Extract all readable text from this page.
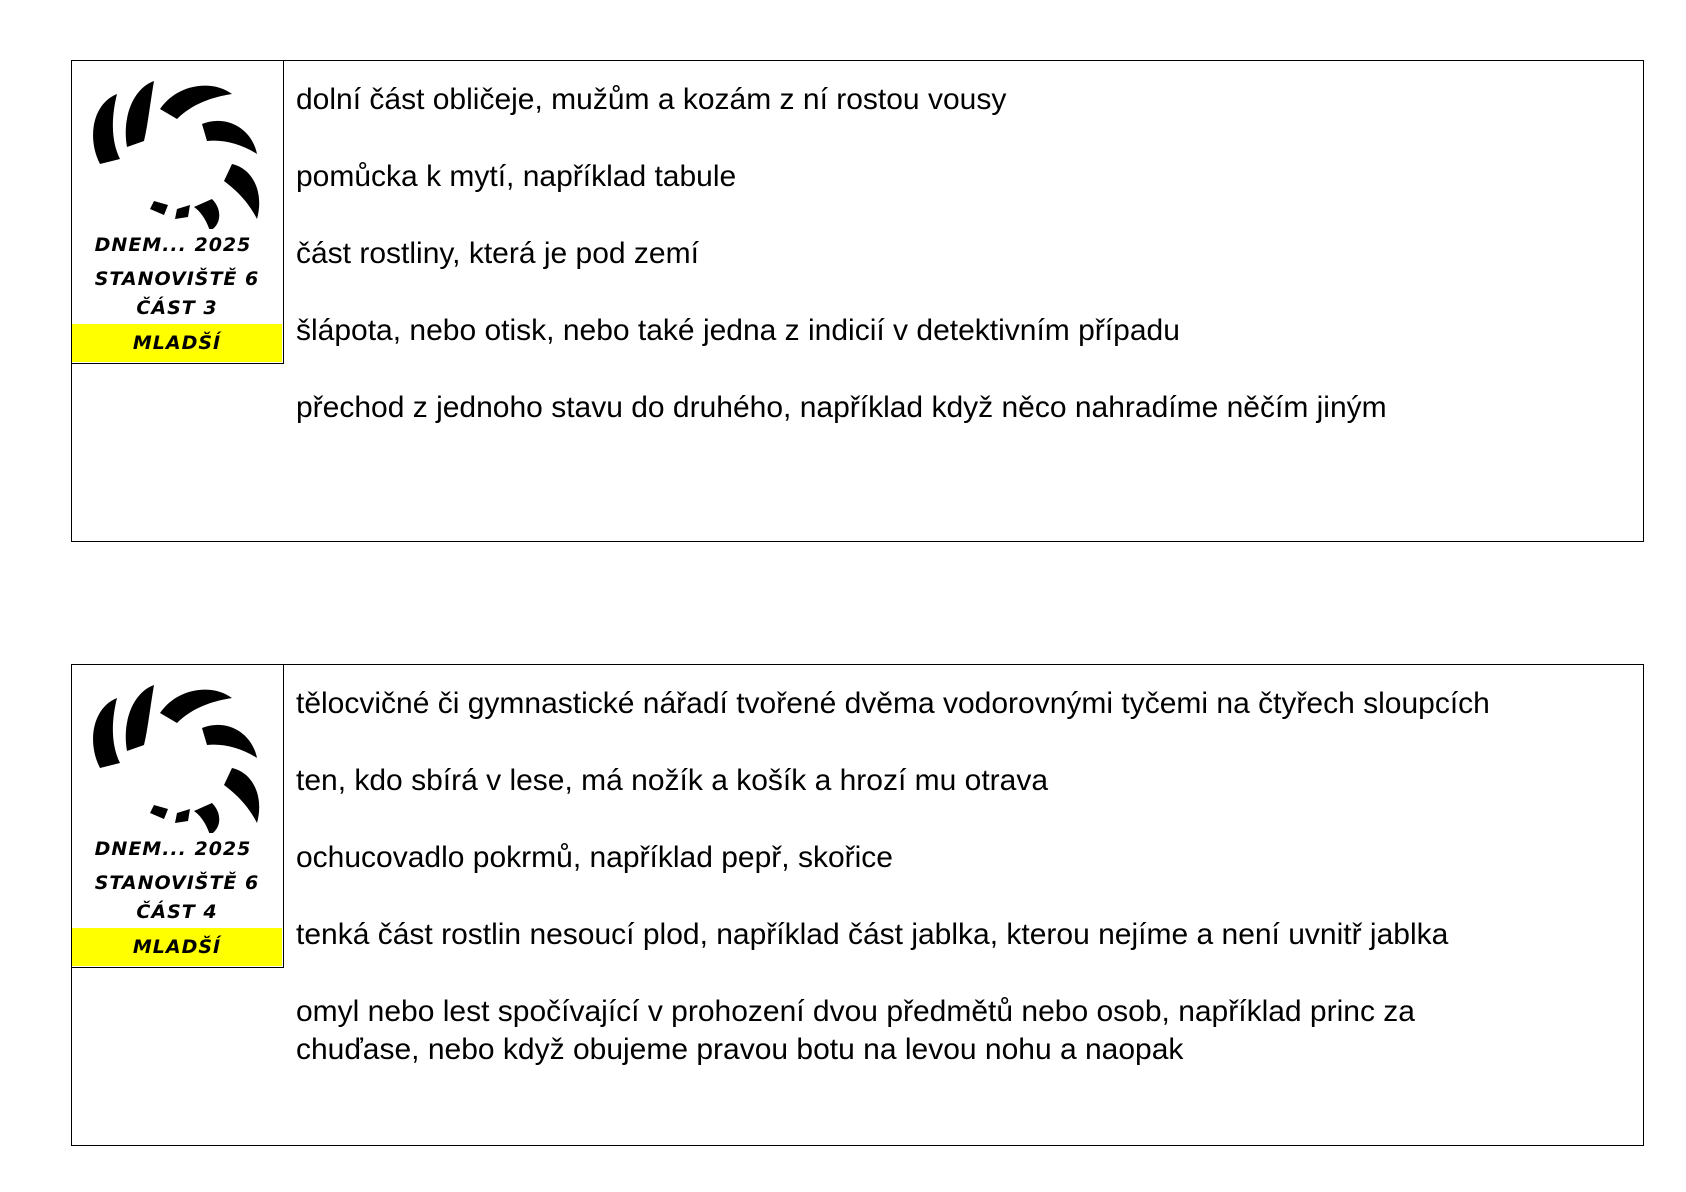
DNEM... 2025
STANOVIŠTĚ 6
ČÁST 3
MLADŠÍ
dolní část obličeje, mužům a kozám z ní rostou vousy
pomůcka k mytí, například tabule
část rostliny, která je pod zemí
šlápota, nebo otisk, nebo také jedna z indicií v detektivním případu
přechod z jednoho stavu do druhého, například když něco nahradíme něčím jiným
DNEM... 2025
STANOVIŠTĚ 6
ČÁST 4
MLADŠÍ
tělocvičné či gymnastické nářadí tvořené dvěma vodorovnými tyčemi na čtyřech sloupcích
ten, kdo sbírá v lese, má nožík a košík a hrozí mu otrava
ochucovadlo pokrmů, například pepř, skořice
tenká část rostlin nesoucí plod, například část jablka, kterou nejíme a není uvnitř jablka
omyl nebo lest spočívající v prohození dvou předmětů nebo osob, například princ za chuďase, nebo když obujeme pravou botu na levou nohu a naopak
